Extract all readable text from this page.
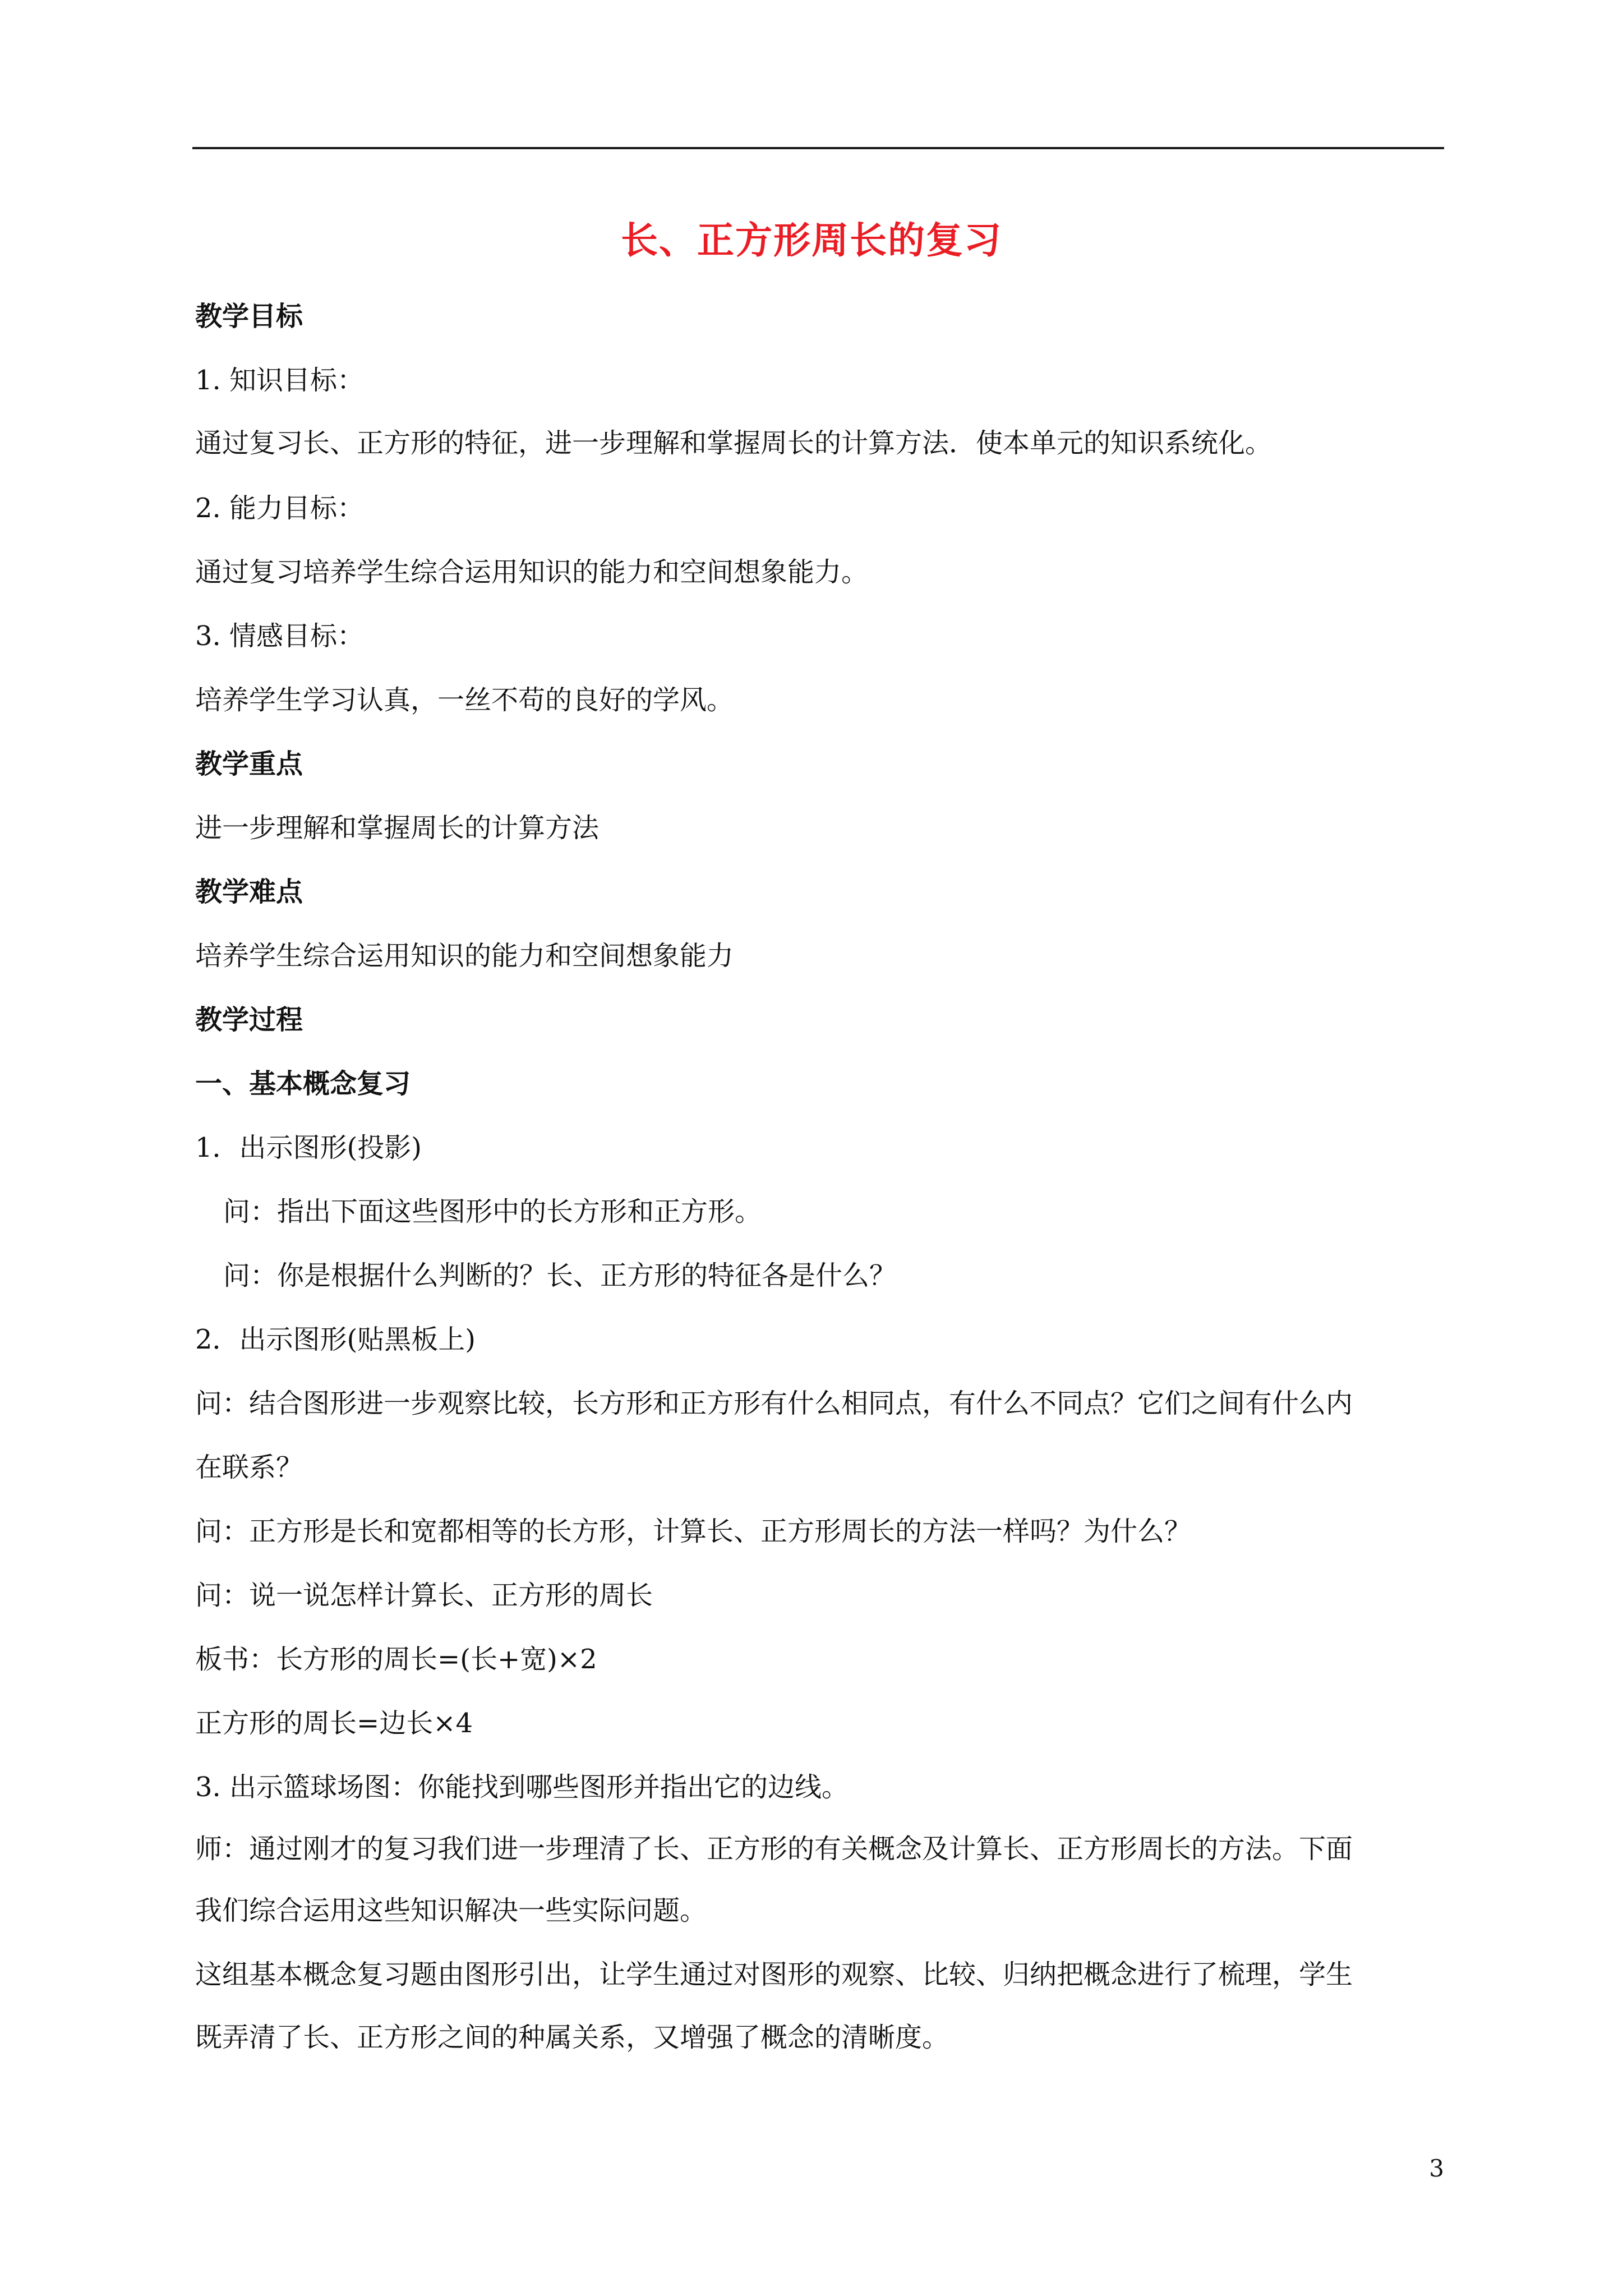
长、正方形周长的复习
教学目标
1. 知识目标：
通过复习长、正方形的特征，进一步理解和掌握周长的计算方法．使本单元的知识系统化。
2. 能力目标：
通过复习培养学生综合运用知识的能力和空间想象能力。
3. 情感目标：
培养学生学习认真，一丝不苟的良好的学风。
教学重点
进一步理解和掌握周长的计算方法
教学难点
培养学生综合运用知识的能力和空间想象能力
教学过程
一、基本概念复习
1．出示图形(投影)
问：指出下面这些图形中的长方形和正方形。
问：你是根据什么判断的？长、正方形的特征各是什么？
2．出示图形(贴黑板上)
问：结合图形进一步观察比较，长方形和正方形有什么相同点，有什么不同点？它们之间有什么内
在联系？
问：正方形是长和宽都相等的长方形，计算长、正方形周长的方法一样吗？为什么？
问：说一说怎样计算长、正方形的周长
板书：长方形的周长=(长+宽)×2
正方形的周长=边长×4
3. 出示篮球场图：你能找到哪些图形并指出它的边线。
师：通过刚才的复习我们进一步理清了长、正方形的有关概念及计算长、正方形周长的方法。下面
我们综合运用这些知识解决一些实际问题。
这组基本概念复习题由图形引出，让学生通过对图形的观察、比较、归纳把概念进行了梳理，学生
既弄清了长、正方形之间的种属关系，又增强了概念的清晰度。
3
